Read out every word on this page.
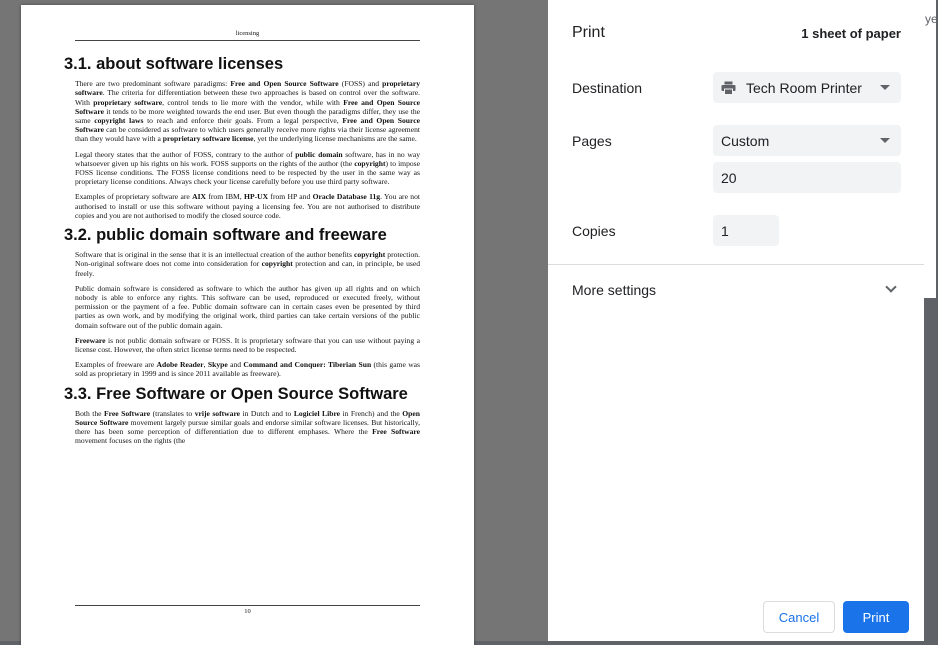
licensing
3.1. about software licenses

There are two predominant software paradigms: Free and Open Source Software (FOSS) and proprietary software. The criteria for differentiation between these two approaches is based on control over the software. With proprietary software, control tends to lie more with the vendor, while with Free and Open Source Software it tends to be more weighted towards the end user. But even though the paradigms differ, they use the same copyright laws to reach and enforce their goals. From a legal perspective, Free and Open Source Software can be considered as software to which users generally receive more rights via their license agreement than they would have with a proprietary software license, yet the underlying license mechanisms are the same.

Legal theory states that the author of FOSS, contrary to the author of public domain software, has in no way whatsoever given up his rights on his work. FOSS supports on the rights of the author (the copyright) to impose FOSS license conditions. The FOSS license conditions need to be respected by the user in the same way as proprietary license conditions. Always check your license carefully before you use third party software.

Examples of proprietary software are AIX from IBM, HP-UX from HP and Oracle Database 11g. You are not authorised to install or use this software without paying a licensing fee. You are not authorised to distribute copies and you are not authorised to modify the closed source code.

3.2. public domain software and freeware

Software that is original in the sense that it is an intellectual creation of the author benefits copyright protection. Non-original software does not come into consideration for copyright protection and can, in principle, be used freely.

Public domain software is considered as software to which the author has given up all rights and on which nobody is able to enforce any rights. This software can be used, reproduced or executed freely, without permission or the payment of a fee. Public domain software can in certain cases even be presented by third parties as own work, and by modifying the original work, third parties can take certain versions of the public domain software out of the public domain again.

Freeware is not public domain software or FOSS. It is proprietary software that you can use without paying a license cost. However, the often strict license terms need to be respected.

Examples of freeware are Adobe Reader, Skype and Command and Conquer: Tiberian Sun (this game was sold as proprietary in 1999 and is since 2011 available as freeware).

3.3. Free Software or Open Source Software

Both the Free Software (translates to vrije software in Dutch and to Logiciel Libre in French) and the Open Source Software movement largely pursue similar goals and endorse similar software licenses. But historically, there has been some perception of differentiation due to different emphases. Where the Free Software movement focuses on the rights (the

10
Print	1 sheet of paper
Destination	Tech Room Printer
Pages	Custom
20
Copies	1
More settings
Cancel	Print
ye
